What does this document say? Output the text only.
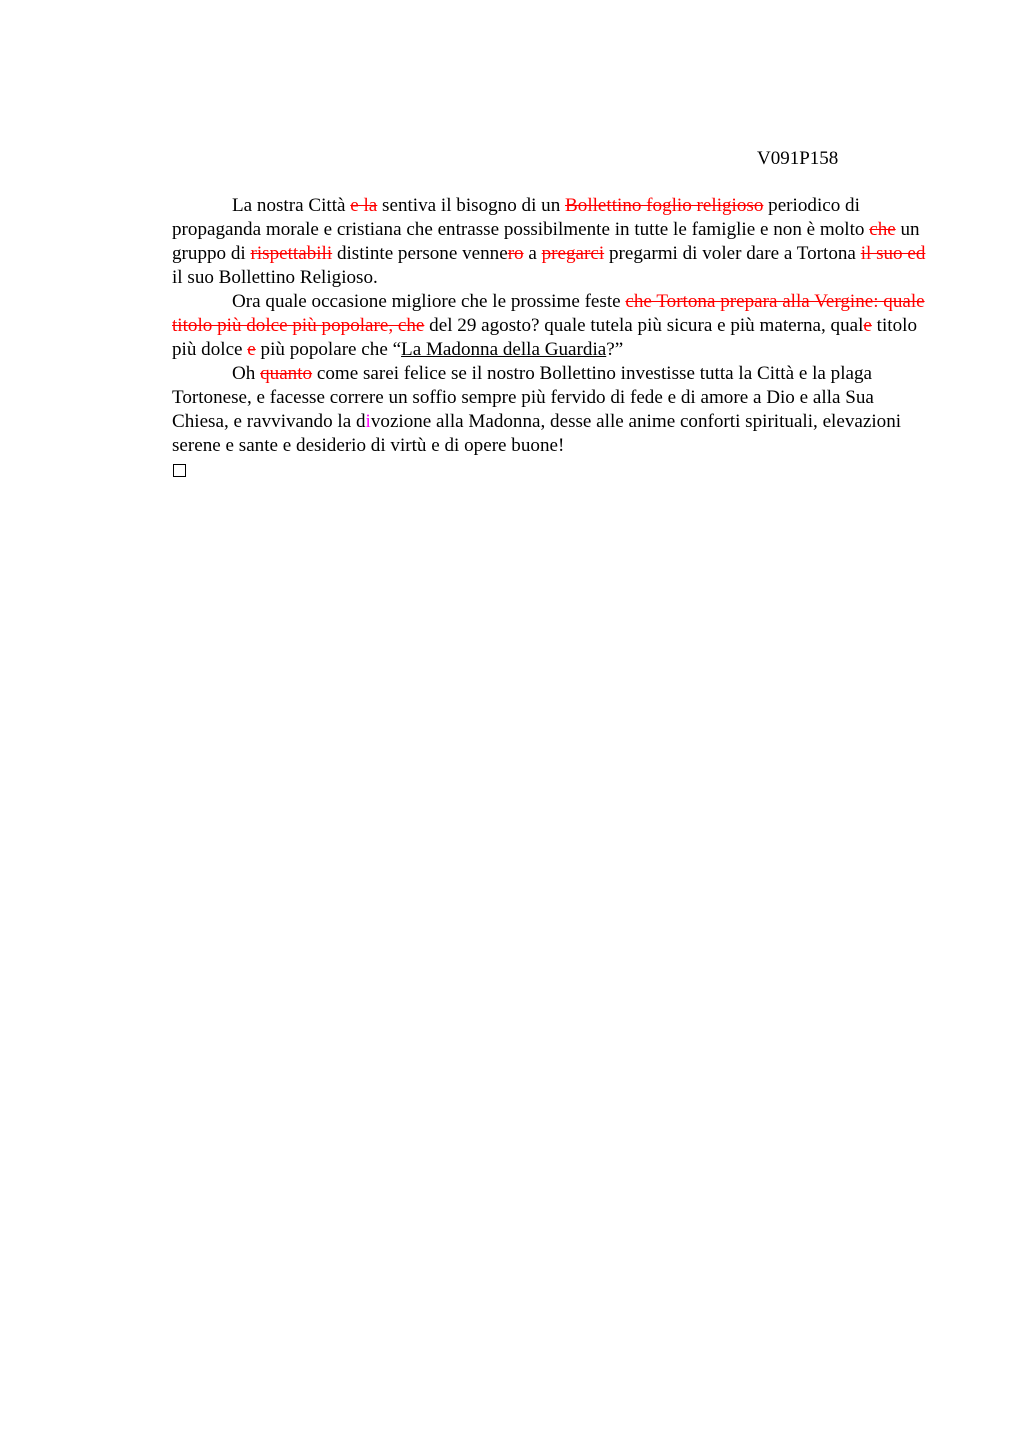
V091P158

La nostra Città e la sentiva il bisogno di un Bollettino foglio religioso periodico di propaganda morale e cristiana che entrasse possibilmente in tutte le famiglie e non è molto che un gruppo di rispettabili distinte persone vennero a pregarci pregarmi di voler dare a Tortona il suo ed il suo Bollettino Religioso.

Ora quale occasione migliore che le prossime feste che Tortona prepara alla Vergine: quale titolo più dolce più popolare, che del 29 agosto? quale tutela più sicura e più materna, quale titolo più dolce e più popolare che “La Madonna della Guardia?”

Oh quanto come sarei felice se il nostro Bollettino investisse tutta la Città e la plaga Tortonese, e facesse correre un soffio sempre più fervido di fede e di amore a Dio e alla Sua Chiesa, e ravvivando la divozione alla Madonna, desse alle anime conforti spirituali, elevazioni serene e sante e desiderio di virtù e di opere buone!
